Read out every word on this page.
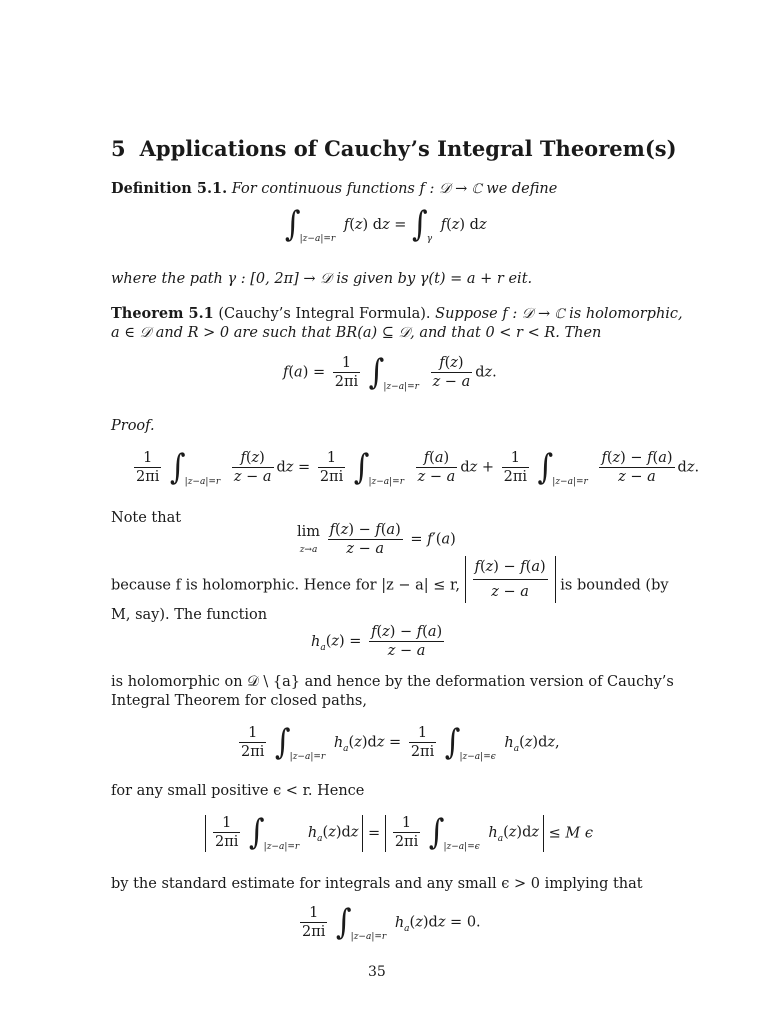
5 Applications of Cauchy’s Integral Theorem(s)
Definition 5.1. For continuous functions f : 𝒟 → ℂ we define
$\int_{|z-a|=r}$ f(z) dz = $\int_\gamma$ f(z) dz
where the path γ : [0, 2π] → 𝒟 is given by γ(t) = a + r eit.
Theorem 5.1 (Cauchy’s Integral Formula). Suppose f : 𝒟 → ℂ is holomorphic,
a ∈ 𝒟 and R > 0 are such that BR(a) ⊆ 𝒟, and that 0 < r < R. Then
$f(a) = \frac{1}{2\pi i} \int_{|z-a|=r} \frac{f(z)}{z - a}$ dz.
Proof.
$\frac{1}{2\pi i} \int_{|z-a|=r} \frac{f(z)}{z - a}$ dz = $\frac{1}{2\pi i} \int_{|z-a|=r} \frac{f(a)}{z - a}$ dz + $\frac{1}{2\pi i} \int_{|z-a|=r} \frac{f(z) - f(a)}{z - a}$ dz.
Note that
lim
$z\to a \frac{f(z) - f(a)}{z - a} = f'(a)$
because f is holomorphic. Hence for |z − a| ≤ r, $\frac{f(z) - f(a)}{z - a}$ is bounded (by
M, say). The function
$h_a(z) = \frac{f(z) - f(a)}{z - a}$
is holomorphic on 𝒟 \ {a} and hence by the deformation version of Cauchy’s
Integral Theorem for closed paths,
$\frac{1}{2\pi i} \int_{|z-a|=r}$ $h_a(z)dz = \frac{1}{2\pi i} \int_{|z-a|=\epsilon}$ $h_a(z)dz$,
for any small positive ϵ < r. Hence
$\frac{1}{2\pi i} \int_{|z-a|=r}$ $h_a(z)dz = \frac{1}{2\pi i} \int_{|z-a|=\epsilon}$ $h_a(z)dz \le M$ ϵ
by the standard estimate for integrals and any small ϵ > 0 implying that
$\frac{1}{2\pi i} \int_{|z-a|=r}$ $h_a(z)dz = 0$.
35
